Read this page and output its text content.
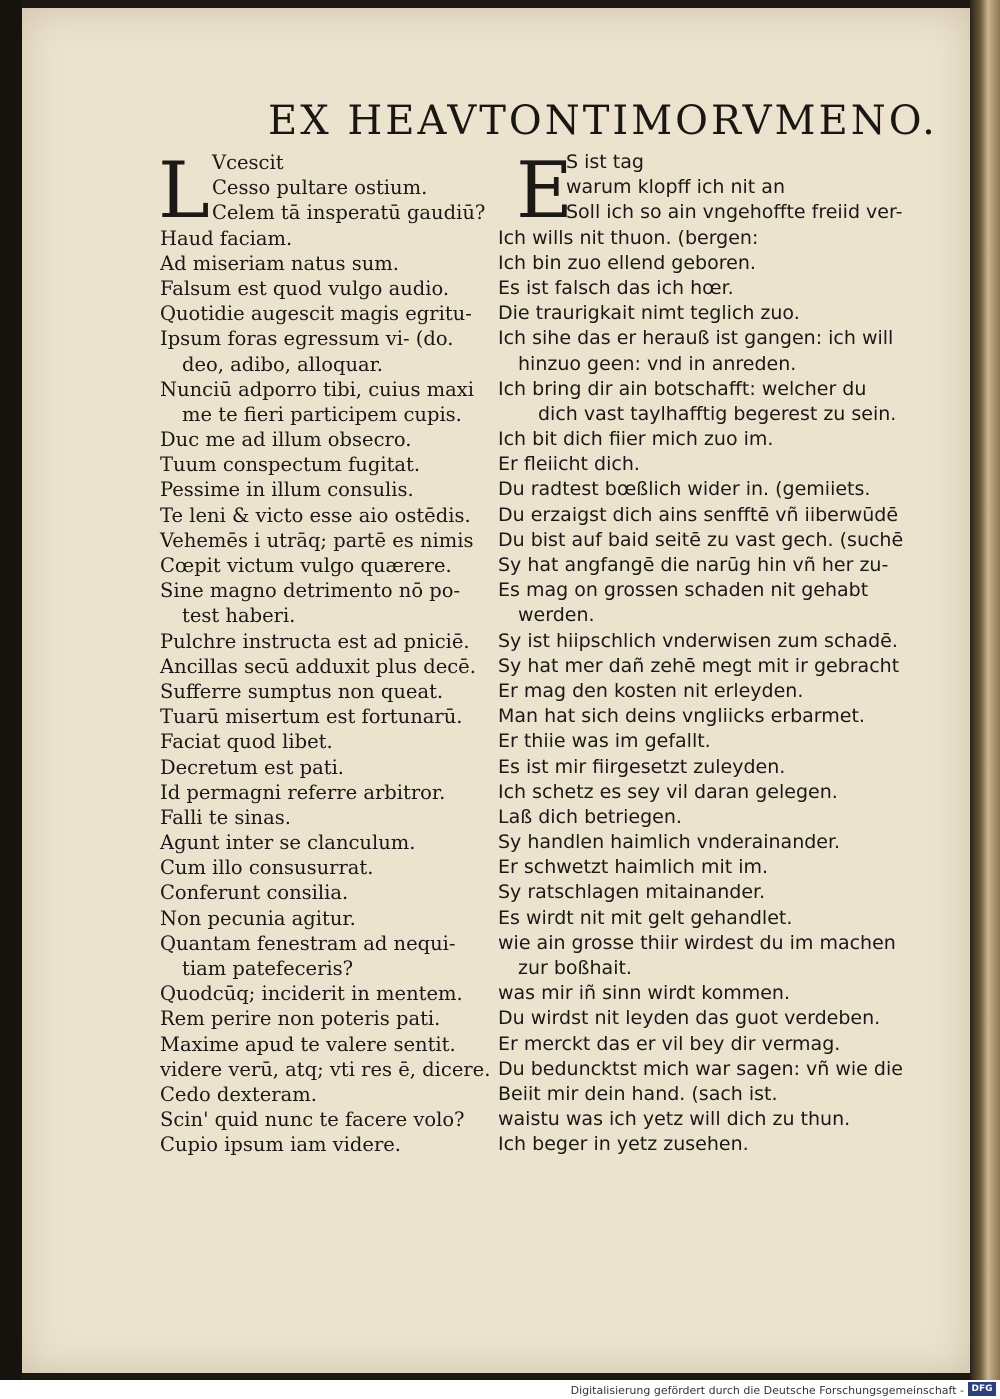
EX HEAVTONTIMORVMENO.
L Vcescit
Cesso pultare ostium.
Celem tā insperatū gaudiū?
Haud faciam.
Ad miseriam natus sum.
Falsum est quod vulgo audio.
Quotidie augescit magis egritu-
Ipsum foras egressum vi- (do.
deo, adibo, alloquar.
Nunciū adporro tibi, cuius maxi
me te fieri participem cupis.
Duc me ad illum obsecro.
Tuum conspectum fugitat.
Pessime in illum consulis.
Te leni & victo esse aio ostēdis.
Vehemēs i utrāq; partē es nimis
Cœpit victum vulgo quærere.
Sine magno detrimento nō po-
test haberi.
Pulchre instructa est ad pniciē.
Ancillas secū adduxit plus decē.
Sufferre sumptus non queat.
Tuarū misertum est fortunarū.
Faciat quod libet.
Decretum est pati.
Id permagni referre arbitror.
Falli te sinas.
Agunt inter se clanculum.
Cum illo consusurrat.
Conferunt consilia.
Non pecunia agitur.
Quantam fenestram ad nequi-
tiam patefeceris?
Quodcūq; inciderit in mentem.
Rem perire non poteris pati.
Maxime apud te valere sentit.
videre verū, atq; vti res ē, dicere.
Cedo dexteram.
Scin' quid nunc te facere volo?
Cupio ipsum iam videre.
E
S ist tag
warum klopff ich nit an
Soll ich so ain vngehoffte freiid ver-
Ich wills nit thuon. (bergen:
Ich bin zuo ellend geboren.
Es ist falsch das ich hœr.
Die traurigkait nimt teglich zuo.
Ich sihe das er herauß ist gangen: ich will
hinzuo geen: vnd in anreden.
Ich bring dir ain botschafft: welcher du
dich vast taylhafftig begerest zu sein.
Ich bit dich fiier mich zuo im.
Er fleiicht dich.
Du radtest bœßlich wider in. (gemiiets.
Du erzaigst dich ains senfftē vñ iiberwūdē
Du bist auf baid seitē zu vast gech. (suchē
Sy hat angfangē die narūg hin vñ her zu-
Es mag on grossen schaden nit gehabt
werden.
Sy ist hiipschlich vnderwisen zum schadē.
Sy hat mer dañ zehē megt mit ir gebracht
Er mag den kosten nit erleyden.
Man hat sich deins vngliicks erbarmet.
Er thiie was im gefallt.
Es ist mir fiirgesetzt zuleyden.
Ich schetz es sey vil daran gelegen.
Laß dich betriegen.
Sy handlen haimlich vnderainander.
Er schwetzt haimlich mit im.
Sy ratschlagen mitainander.
Es wirdt nit mit gelt gehandlet.
wie ain grosse thiir wirdest du im machen
zur boßhait.
was mir iñ sinn wirdt kommen.
Du wirdst nit leyden das guot verdeben.
Er merckt das er vil bey dir vermag.
Du beduncktst mich war sagen: vñ wie die
Beiit mir dein hand. (sach ist.
waistu was ich yetz will dich zu thun.
Ich beger in yetz zusehen.
Digitalisierung gefördert durch die Deutsche Forschungsgemeinschaft - DFG
